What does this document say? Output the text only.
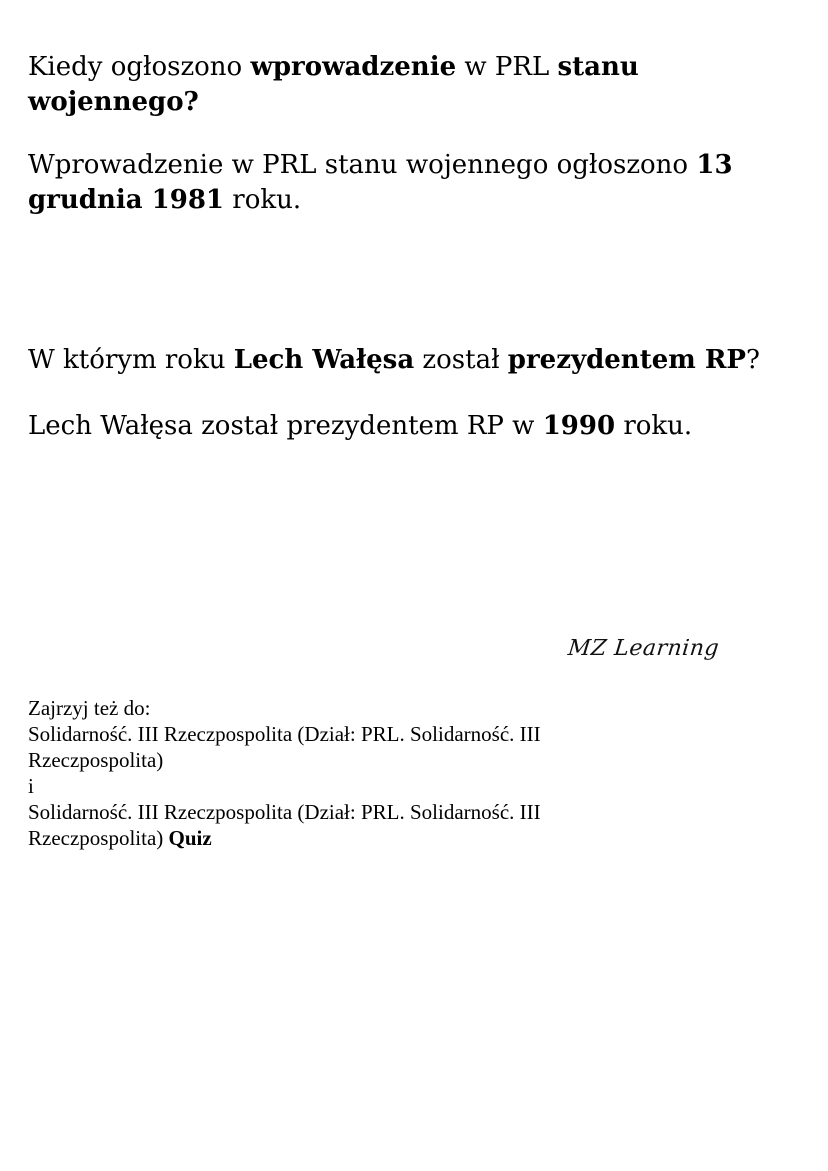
Kiedy ogłoszono wprowadzenie w PRL stanu
wojennego?

Wprowadzenie w PRL stanu wojennego ogłoszono 13
grudnia 1981 roku.

W którym roku Lech Wałęsa został prezydentem RP?

Lech Wałęsa został prezydentem RP w 1990 roku.

MZ Learning
Zajrzyj też do:
Solidarność. III Rzeczpospolita (Dział: PRL. Solidarność. III
Rzeczpospolita)
i
Solidarność. III Rzeczpospolita (Dział: PRL. Solidarność. III
Rzeczpospolita) Quiz
